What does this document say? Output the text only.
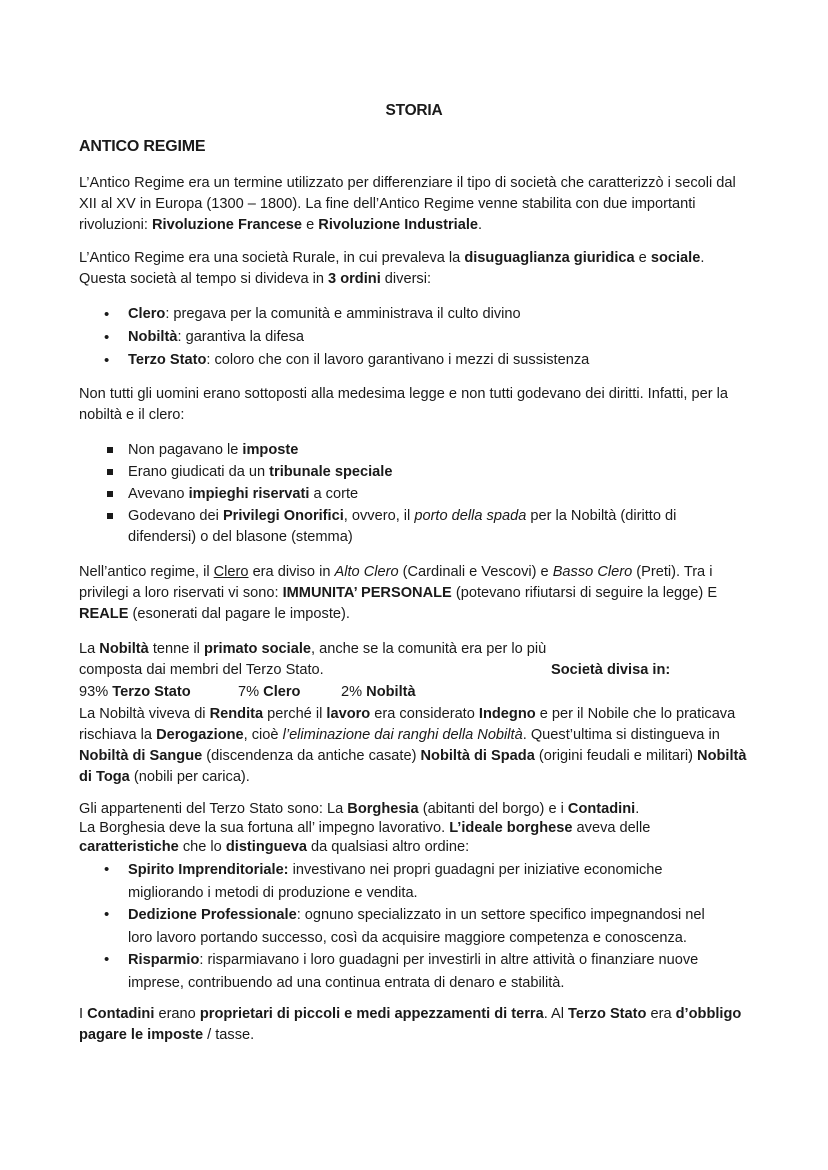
STORIA
ANTICO REGIME

L’Antico Regime era un termine utilizzato per differenziare il tipo di società che caratterizzò i secoli dal XII al XV in Europa (1300 – 1800). La fine dell’Antico Regime venne stabilita con due importanti rivoluzioni: Rivoluzione Francese e Rivoluzione Industriale.

L’Antico Regime era una società Rurale, in cui prevaleva la disuguaglianza giuridica e sociale. Questa società al tempo si divideva in 3 ordini diversi:

• Clero: pregava per la comunità e amministrava il culto divino
• Nobiltà: garantiva la difesa
• Terzo Stato: coloro che con il lavoro garantivano i mezzi di sussistenza

Non tutti gli uomini erano sottoposti alla medesima legge e non tutti godevano dei diritti. Infatti, per la nobiltà e il clero:

Non pagavano le imposte
Erano giudicati da un tribunale speciale
Avevano impieghi riservati a corte
Godevano dei Privilegi Onorifici, ovvero, il porto della spada per la Nobiltà (diritto di difendersi) o del blasone (stemma)

Nell’antico regime, il Clero era diviso in Alto Clero (Cardinali e Vescovi) e Basso Clero (Preti). Tra i privilegi a loro riservati vi sono: IMMUNITA’ PERSONALE (potevano rifiutarsi di seguire la legge) E REALE (esonerati dal pagare le imposte).

La Nobiltà tenne il primato sociale, anche se la comunità era per lo più composta dai membri del Terzo Stato.	Società divisa in:
93% Terzo Stato	7% Clero	2% Nobiltà

La Nobiltà viveva di Rendita perché il lavoro era considerato Indegno e per il Nobile che lo praticava rischiava la Derogazione, cioè l’eliminazione dai ranghi della Nobiltà. Quest’ultima si distingueva in Nobiltà di Sangue (discendenza da antiche casate) Nobiltà di Spada (origini feudali e militari) Nobiltà di Toga (nobili per carica).

Gli appartenenti del Terzo Stato sono: La Borghesia (abitanti del borgo) e i Contadini.
La Borghesia deve la sua fortuna all’ impegno lavorativo. L’ideale borghese aveva delle caratteristiche che lo distingueva da qualsiasi altro ordine:

• Spirito Imprenditoriale: investivano nei propri guadagni per iniziative economiche migliorando i metodi di produzione e vendita.
• Dedizione Professionale: ognuno specializzato in un settore specifico impegnandosi nel loro lavoro portando successo, così da acquisire maggiore competenza e conoscenza.
• Risparmio: risparmiavano i loro guadagni per investirli in altre attività o finanziare nuove imprese, contribuendo ad una continua entrata di denaro e stabilità.

I Contadini erano proprietari di piccoli e medi appezzamenti di terra. Al Terzo Stato era d’obbligo pagare le imposte / tasse.
